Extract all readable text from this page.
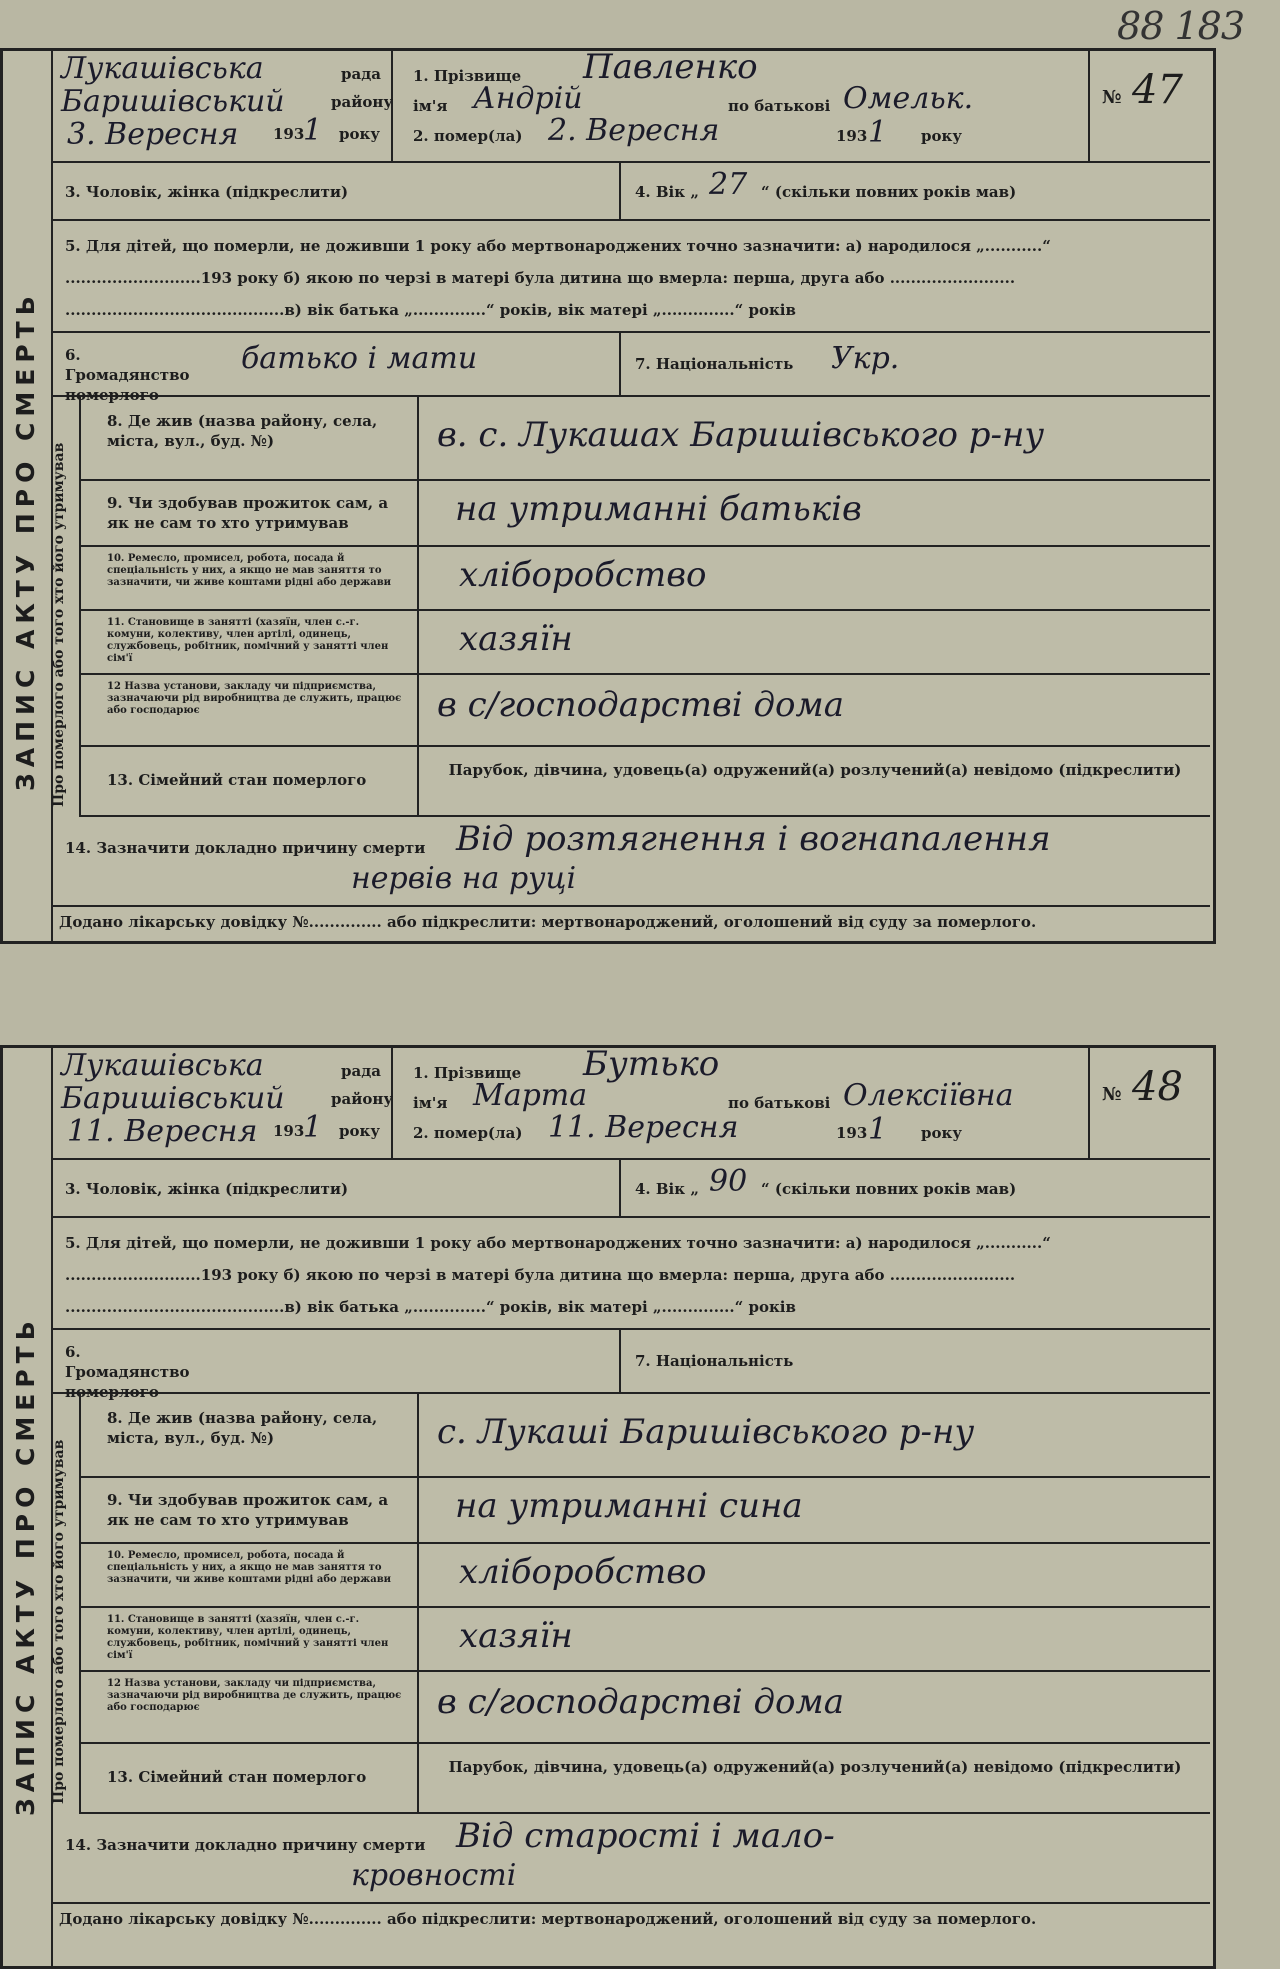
88 183
ЗАПИС АКТУ ПРО СМЕРТЬ
Лукашівська	рада
Баришівський	району
3. Вересня 193
1 року
1. Прізвище Павленко
ім'я Андрій	по батькові Омельк.
2. помер(ла) 2. Вересня	193 1 року
№ 47
3. Чоловік, жінка (підкреслити)	4. Вік „ 27 “ (скільки повних років мав)
5. Для дітей, що померли, не доживши 1 року або мертвонароджених точно зазначити: а) народилося „...........“
..........................193 року б) якою по черзі в матері була дитина що вмерла: перша, друга або ........................
..........................................в) вік батька „..............“ років, вік матері „..............“ років
6. Громадянство померлого
батько і мати	7. Національність Укр.
Про померлого або того хто його утримував
8. Де жив (назва району, села, міста, вул., буд. №)	в. с. Лукашах Баришівського р-ну
9. Чи здобував прожиток сам, а як не сам то хто утримував	на утриманні батьків
10. Ремесло, промисел, робота, посада й спеціальність у них, а якщо не мав заняття то зазначити, чи живе коштами рідні або держави	хліборобство
11. Становище в занятті (хазяїн, член с.-г. комуни, колективу, член артілі, одинець, службовець, робітник, помічний у занятті член сім'ї	хазяїн
12 Назва установи, закладу чи підприємства, зазначаючи рід виробництва де служить, працює або господарює	в с/господарстві дома
13. Сімейний стан померлого
Парубок, дівчина, удовець(а) одружений(а) розлучений(а) невідомо (підкреслити)
14. Зазначити докладно причину смерти Від розтягнення і вогнапалення
нервів на руці
Додано лікарську довідку №.............. або підкреслити: мертвонароджений, оголошений від суду за померлого.
ЗАПИС АКТУ ПРО СМЕРТЬ
Лукашівська	рада
Баришівський	району
11. Вересня 193
1 року
1. Прізвище Бутько
ім'я Марта	по батькові Олексіївна
2. помер(ла) 11. Вересня	193 1 року
№ 48
3. Чоловік, жінка (підкреслити)	4. Вік „ 90 “ (скільки повних років мав)
5. Для дітей, що померли, не доживши 1 року або мертвонароджених точно зазначити: а) народилося „...........“
..........................193 року б) якою по черзі в матері була дитина що вмерла: перша, друга або ........................
..........................................в) вік батька „..............“ років, вік матері „..............“ років
6. Громадянство померлого
7. Національність
Про померлого або того хто його утримував
8. Де жив (назва району, села, міста, вул., буд. №)	с. Лукаші Баришівського р-ну
9. Чи здобував прожиток сам, а як не сам то хто утримував	на утриманні сина
10. Ремесло, промисел, робота, посада й спеціальність у них, а якщо не мав заняття то зазначити, чи живе коштами рідні або держави	хліборобство
11. Становище в занятті (хазяїн, член с.-г. комуни, колективу, член артілі, одинець, службовець, робітник, помічний у занятті член сім'ї	хазяїн
12 Назва установи, закладу чи підприємства, зазначаючи рід виробництва де служить, працює або господарює	в с/господарстві дома
13. Сімейний стан померлого
Парубок, дівчина, удовець(а) одружений(а) розлучений(а) невідомо (підкреслити)
14. Зазначити докладно причину смерти Від старості і мало-
кровності
Додано лікарську довідку №.............. або підкреслити: мертвонароджений, оголошений від суду за померлого.
